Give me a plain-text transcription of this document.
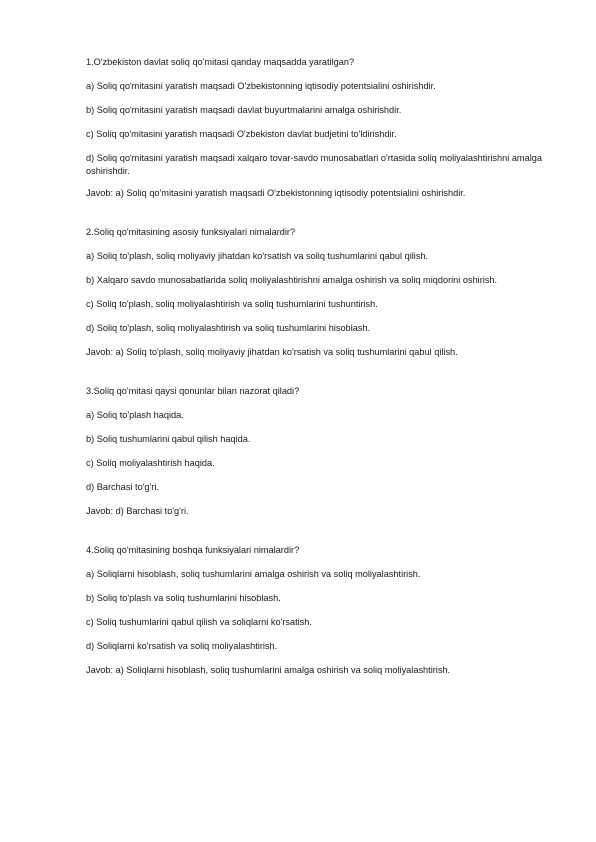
1.O'zbekiston davlat soliq qo'mitasi qanday maqsadda yaratilgan?

a) Soliq qo'mitasini yaratish maqsadi O'zbekistonning iqtisodiy potentsialini oshirishdir.

b) Soliq qo'mitasini yaratish maqsadi davlat buyurtmalarini amalga oshirishdir.

c) Soliq qo'mitasini yaratish maqsadi O'zbekiston davlat budjetini to'ldirishdir.

d) Soliq qo'mitasini yaratish maqsadi xalqaro tovar-savdo munosabatlari o'rtasida soliq moliyalashtirishni amalga oshirishdir.

Javob: a) Soliq qo'mitasini yaratish maqsadi O'zbekistonning iqtisodiy potentsialini oshirishdir.

2.Soliq qo'mitasining asosiy funksiyalari nimalardir?

a) Soliq to'plash, soliq moliyaviy jihatdan ko'rsatish va soliq tushumlarini qabul qilish.

b) Xalqaro savdo munosabatlarida soliq moliyalashtirishni amalga oshirish va soliq miqdorini oshirish.

c) Soliq to'plash, soliq moliyalashtirish va soliq tushumlarini tushuntirish.

d) Soliq to'plash, soliq moliyalashtirish va soliq tushumlarini hisoblash.

Javob: a) Soliq to'plash, soliq moliyaviy jihatdan ko'rsatish va soliq tushumlarini qabul qilish.

3.Soliq qo'mitasi qaysi qonunlar bilan nazorat qiladi?

a) Soliq to'plash haqida.

b) Soliq tushumlarini qabul qilish haqida.

c) Soliq moliyalashtirish haqida.

d) Barchasi to'g'ri.

Javob: d) Barchasi to'g'ri.

4.Soliq qo'mitasining boshqa funksiyalari nimalardir?

a) Soliqlarni hisoblash, soliq tushumlarini amalga oshirish va soliq moliyalashtirish.

b) Soliq to'plash va soliq tushumlarini hisoblash.

c) Soliq tushumlarini qabul qilish va soliqlarni ko'rsatish.

d) Soliqlarni ko'rsatish va soliq moliyalashtirish.

Javob: a) Soliqlarni hisoblash, soliq tushumlarini amalga oshirish va soliq moliyalashtirish.
